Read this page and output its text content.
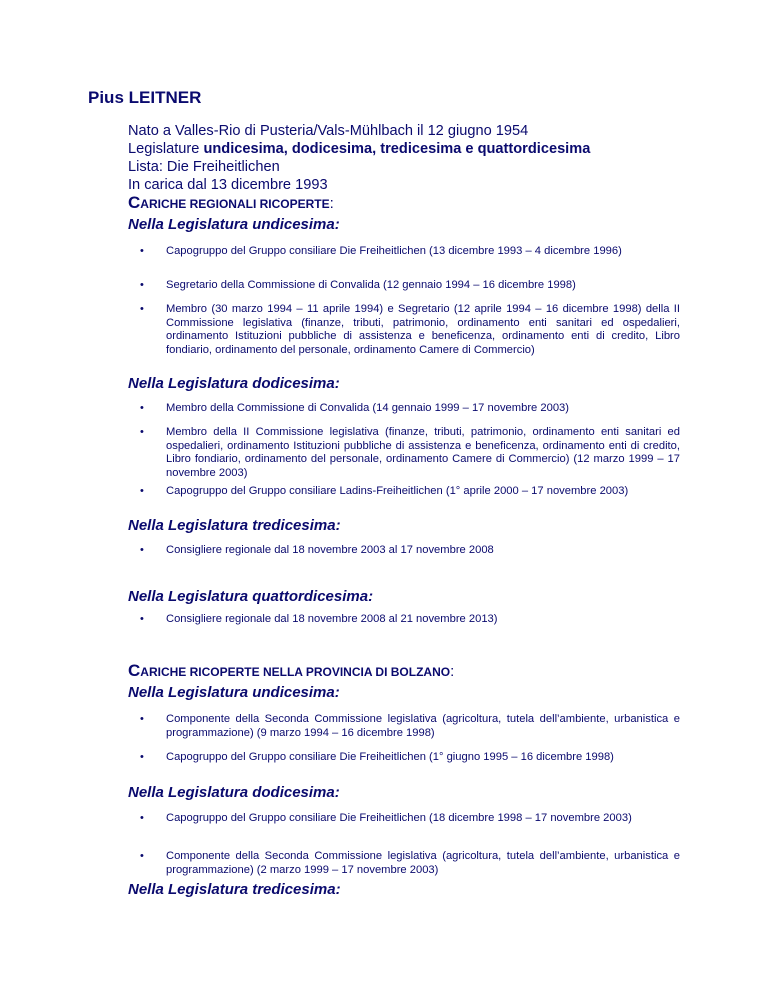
Pius LEITNER
Nato a Valles-Rio di Pusteria/Vals-Mühlbach il 12 giugno 1954
Legislature undicesima, dodicesima, tredicesima e quattordicesima
Lista: Die Freiheitlichen
In carica dal 13 dicembre 1993
CARICHE REGIONALI RICOPERTE:
Nella Legislatura undicesima:
• Capogruppo del Gruppo consiliare Die Freiheitlichen (13 dicembre 1993 – 4 dicembre 1996)
• Segretario della Commissione di Convalida (12 gennaio 1994 – 16 dicembre 1998)
• Membro (30 marzo 1994 – 11 aprile 1994) e Segretario (12 aprile 1994 – 16 dicembre 1998) della II Commissione legislativa (finanze, tributi, patrimonio, ordinamento enti sanitari ed ospedalieri, ordinamento Istituzioni pubbliche di assistenza e beneficenza, ordinamento enti di credito, Libro fondiario, ordinamento del personale, ordinamento Camere di Commercio)
Nella Legislatura dodicesima:
• Membro della Commissione di Convalida (14 gennaio 1999 – 17 novembre 2003)
• Membro della II Commissione legislativa (finanze, tributi, patrimonio, ordinamento enti sanitari ed ospedalieri, ordinamento Istituzioni pubbliche di assistenza e beneficenza, ordinamento enti di credito, Libro fondiario, ordinamento del personale, ordinamento Camere di Commercio) (12 marzo 1999 – 17 novembre 2003)
• Capogruppo del Gruppo consiliare Ladins-Freiheitlichen (1° aprile 2000 – 17 novembre 2003)
Nella Legislatura tredicesima:
• Consigliere regionale dal 18 novembre 2003 al 17 novembre 2008
Nella Legislatura quattordicesima:
• Consigliere regionale dal 18 novembre 2008 al 21 novembre 2013)
CARICHE RICOPERTE NELLA PROVINCIA DI BOLZANO:
Nella Legislatura undicesima:
• Componente della Seconda Commissione legislativa (agricoltura, tutela dell’ambiente, urbanistica e programmazione) (9 marzo 1994 – 16 dicembre 1998)
• Capogruppo del Gruppo consiliare Die Freiheitlichen (1° giugno 1995 – 16 dicembre 1998)
Nella Legislatura dodicesima:
• Capogruppo del Gruppo consiliare Die Freiheitlichen (18 dicembre 1998 – 17 novembre 2003)
• Componente della Seconda Commissione legislativa (agricoltura, tutela dell’ambiente, urbanistica e programmazione) (2 marzo 1999 – 17 novembre 2003)
Nella Legislatura tredicesima:
